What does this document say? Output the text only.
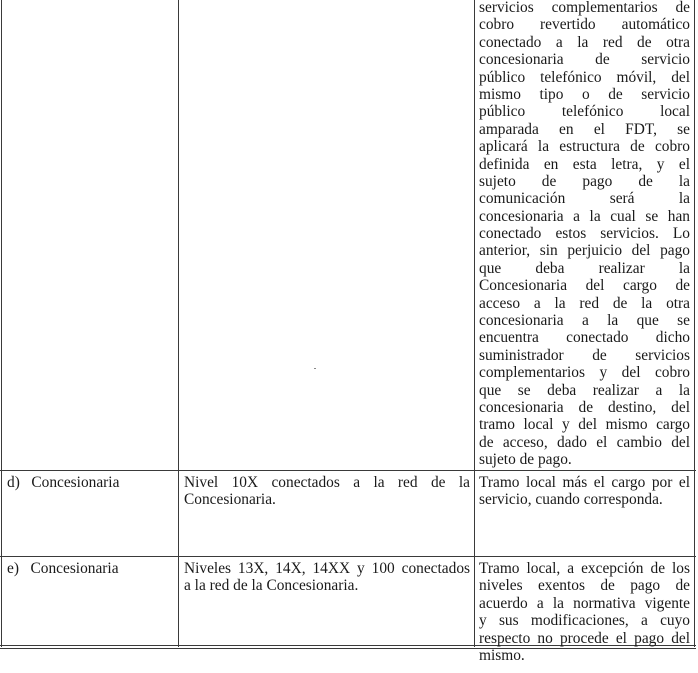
servicios complementarios de
cobro revertido automático
conectado a la red de otra
concesionaria de servicio
público telefónico móvil, del
mismo tipo o de servicio
público telefónico local
amparada en el FDT, se
aplicará la estructura de cobro
definida en esta letra, y el
sujeto de pago de la
comunicación será la
concesionaria a la cual se han
conectado estos servicios. Lo
anterior, sin perjuicio del pago
que deba realizar la
Concesionaria del cargo de
acceso a la red de la otra
concesionaria a la que se
encuentra conectado dicho
suministrador de servicios
complementarios y del cobro
que se deba realizar a la
concesionaria de destino, del
tramo local y del mismo cargo
de acceso, dado el cambio del
sujeto de pago.
d)   Concesionaria	Nivel 10X conectados a la red de la
Concesionaria.
Tramo local más el cargo por el
servicio, cuando corresponda.
e)   Concesionaria	Niveles 13X, 14X, 14XX y 100 conectados
a la red de la Concesionaria.
Tramo local, a excepción de los
niveles exentos de pago de
acuerdo a la normativa vigente
y sus modificaciones, a cuyo
respecto no procede el pago del
mismo.
